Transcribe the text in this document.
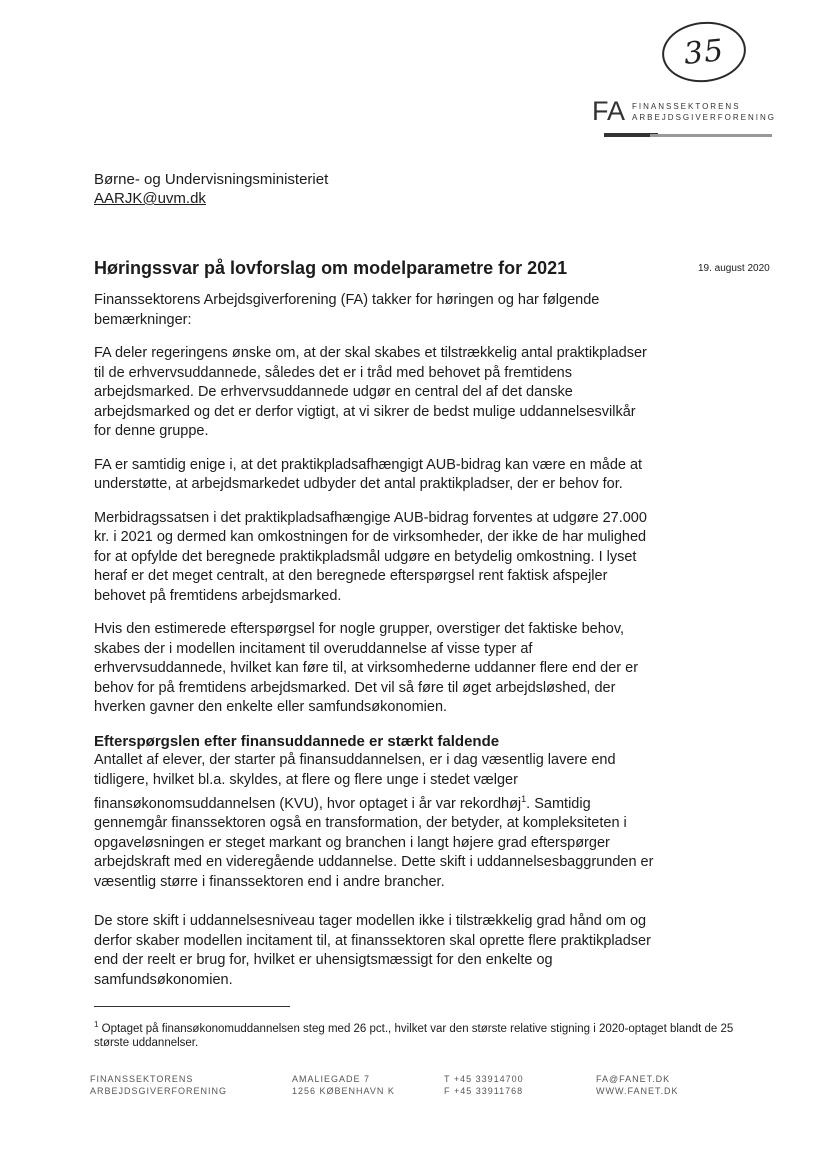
35
FA FINANSSEKTORENS
ARBEJDSGIVERFORENING
Børne- og Undervisningsministeriet
AARJK@uvm.dk
Høringssvar på lovforslag om modelparametre for 2021	19. august 2020

Finanssektorens Arbejdsgiverforening (FA) takker for høringen og har følgende bemærkninger:

FA deler regeringens ønske om, at der skal skabes et tilstrækkelig antal praktikpladser til de erhvervsuddannede, således det er i tråd med behovet på fremtidens arbejdsmarked. De erhvervsuddannede udgør en central del af det danske arbejdsmarked og det er derfor vigtigt, at vi sikrer de bedst mulige uddannelsesvilkår for denne gruppe.

FA er samtidig enige i, at det praktikpladsafhængigt AUB-bidrag kan være en måde at understøtte, at arbejdsmarkedet udbyder det antal praktikpladser, der er behov for.

Merbidragssatsen i det praktikpladsafhængige AUB-bidrag forventes at udgøre 27.000 kr. i 2021 og dermed kan omkostningen for de virksomheder, der ikke de har mulighed for at opfylde det beregnede praktikpladsmål udgøre en betydelig omkostning. I lyset heraf er det meget centralt, at den beregnede efterspørgsel rent faktisk afspejler behovet på fremtidens arbejdsmarked.

Hvis den estimerede efterspørgsel for nogle grupper, overstiger det faktiske behov, skabes der i modellen incitament til overuddannelse af visse typer af erhvervsuddannede, hvilket kan føre til, at virksomhederne uddanner flere end der er behov for på fremtidens arbejdsmarked. Det vil så føre til øget arbejdsløshed, der hverken gavner den enkelte eller samfundsøkonomien.

Efterspørgslen efter finansuddannede er stærkt faldende

Antallet af elever, der starter på finansuddannelsen, er i dag væsentlig lavere end tidligere, hvilket bl.a. skyldes, at flere og flere unge i stedet vælger finansøkonomsuddannelsen (KVU), hvor optaget i år var rekordhøj$^1$. Samtidig gennemgår finanssektoren også en transformation, der betyder, at kompleksiteten i opgaveløsningen er steget markant og branchen i langt højere grad efterspørger arbejdskraft med en videregående uddannelse. Dette skift i uddannelsesbaggrunden er væsentlig større i finanssektoren end i andre brancher.

De store skift i uddannelsesniveau tager modellen ikke i tilstrækkelig grad hånd om og derfor skaber modellen incitament til, at finanssektoren skal oprette flere praktikpladser end der reelt er brug for, hvilket er uhensigtsmæssigt for den enkelte og samfundsøkonomien.

$^1$ Optaget på finansøkonomuddannelsen steg med 26 pct., hvilket var den største relative stigning i 2020-optaget blandt de 25 største uddannelser.
FINANSSEKTORENS
ARBEJDSGIVERFORENING
AMALIEGADE 7
1256 KØBENHAVN K
T +45 33914700
F +45 33911768
FA@FANET.DK
WWW.FANET.DK
